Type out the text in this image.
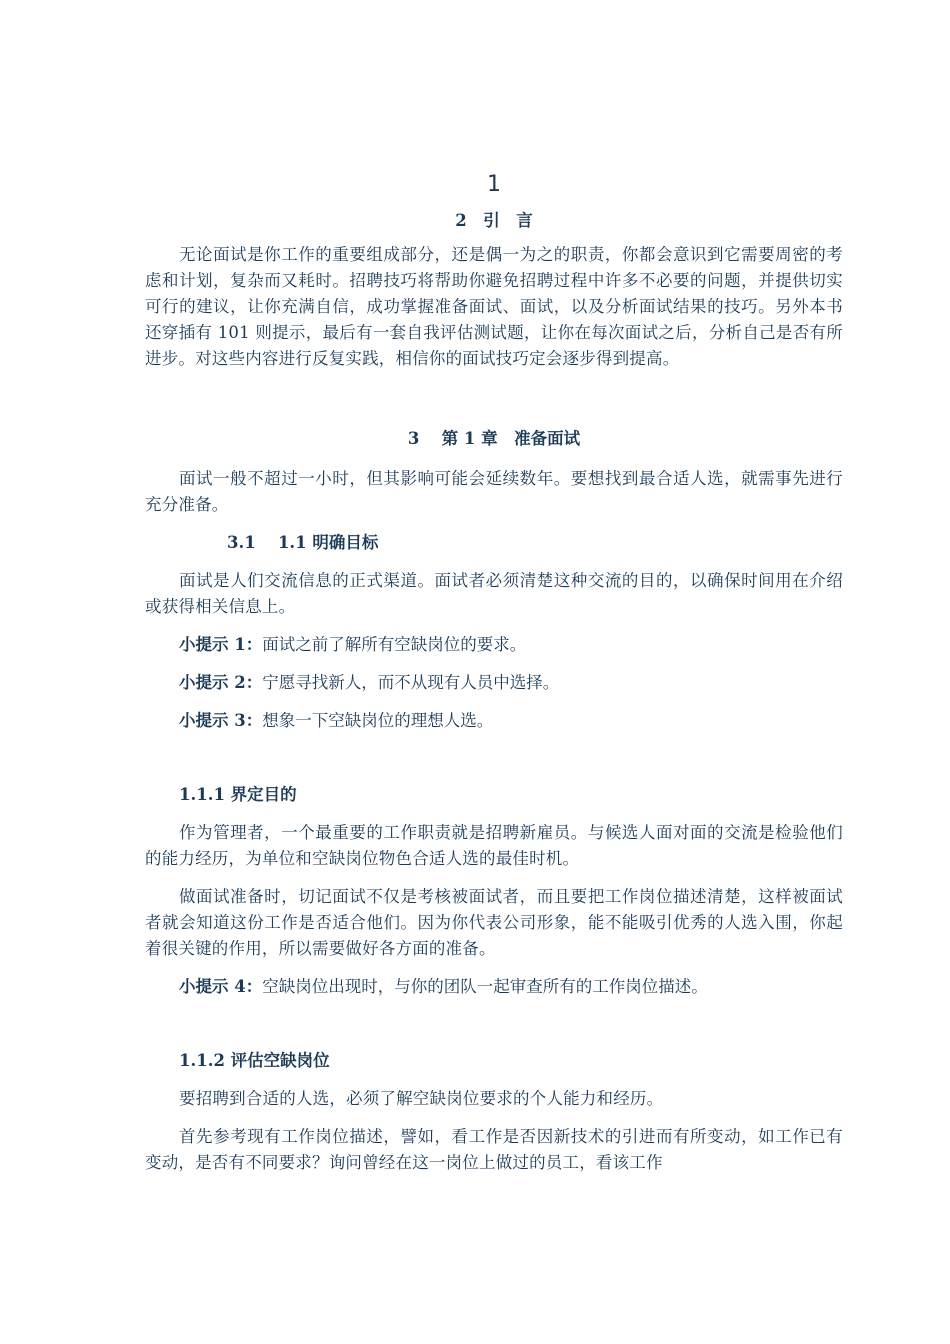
1
2　引　言

无论面试是你工作的重要组成部分，还是偶一为之的职责，你都会意识到它需要周密的考虑和计划，复杂而又耗时。招聘技巧将帮助你避免招聘过程中许多不必要的问题，并提供切实可行的建议，让你充满自信，成功掌握准备面试、面试，以及分析面试结果的技巧。另外本书还穿插有 101 则提示，最后有一套自我评估测试题，让你在每次面试之后，分析自己是否有所进步。对这些内容进行反复实践，相信你的面试技巧定会逐步得到提高。

3　 第 1 章　准备面试

面试一般不超过一小时，但其影响可能会延续数年。要想找到最合适人选，就需事先进行充分准备。

3.1　 1.1 明确目标

面试是人们交流信息的正式渠道。面试者必须清楚这种交流的目的，以确保时间用在介绍或获得相关信息上。

小提示 1：面试之前了解所有空缺岗位的要求。

小提示 2：宁愿寻找新人，而不从现有人员中选择。

小提示 3：想象一下空缺岗位的理想人选。

1.1.1 界定目的

作为管理者，一个最重要的工作职责就是招聘新雇员。与候选人面对面的交流是检验他们的能力经历，为单位和空缺岗位物色合适人选的最佳时机。

做面试准备时，切记面试不仅是考核被面试者，而且要把工作岗位描述清楚，这样被面试者就会知道这份工作是否适合他们。因为你代表公司形象，能不能吸引优秀的人选入围，你起着很关键的作用，所以需要做好各方面的准备。

小提示 4：空缺岗位出现时，与你的团队一起审查所有的工作岗位描述。

1.1.2 评估空缺岗位

要招聘到合适的人选，必须了解空缺岗位要求的个人能力和经历。

首先参考现有工作岗位描述，譬如，看工作是否因新技术的引进而有所变动，如工作已有变动，是否有不同要求？询问曾经在这一岗位上做过的员工，看该工作
